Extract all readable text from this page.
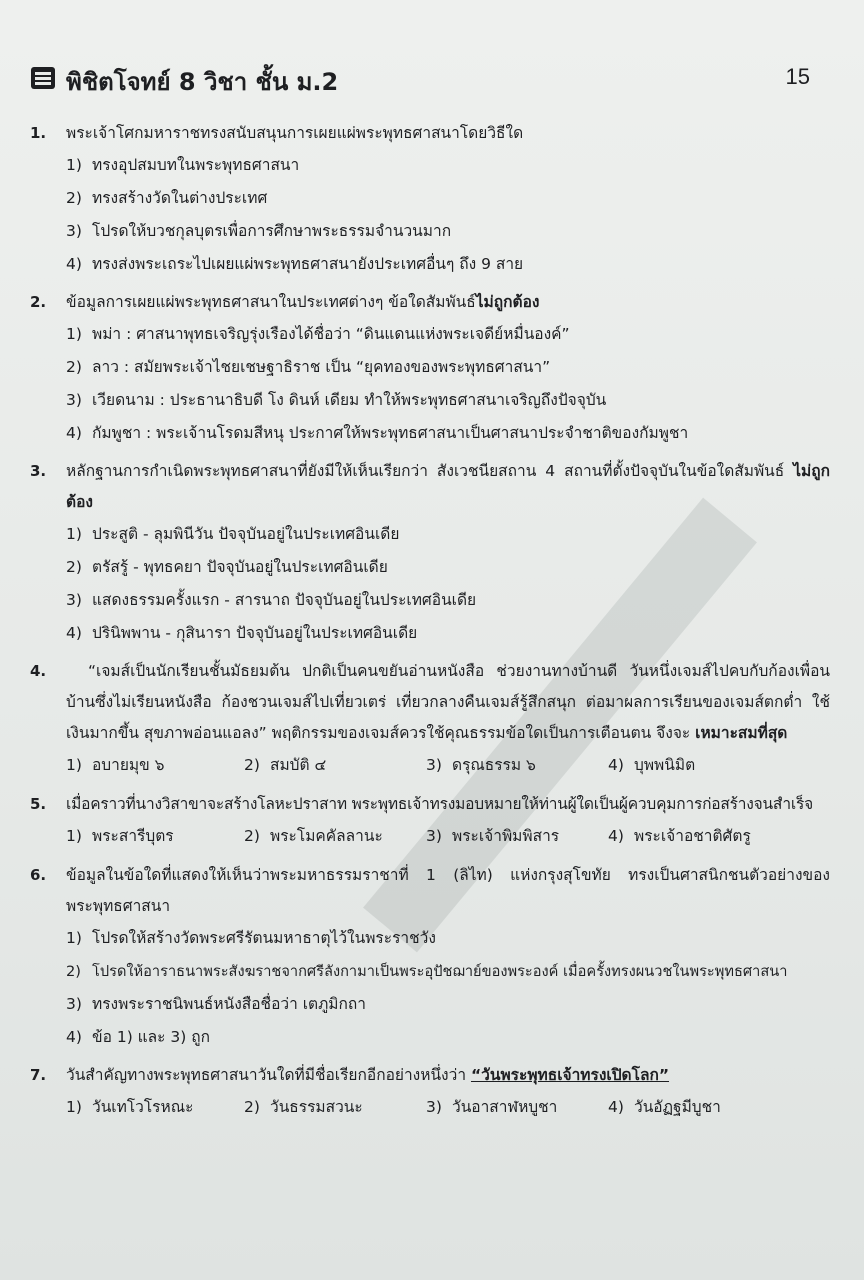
พิชิตโจทย์ 8 วิชา ชั้น ม.2	15
1. พระเจ้าโศกมหาราชทรงสนับสนุนการเผยแผ่พระพุทธศาสนาโดยวิธีใด
1) ทรงอุปสมบทในพระพุทธศาสนา
2) ทรงสร้างวัดในต่างประเทศ
3) โปรดให้บวชกุลบุตรเพื่อการศึกษาพระธรรมจำนวนมาก
4) ทรงส่งพระเถระไปเผยแผ่พระพุทธศาสนายังประเทศอื่นๆ ถึง 9 สาย
2. ข้อมูลการเผยแผ่พระพุทธศาสนาในประเทศต่างๆ ข้อใดสัมพันธ์ไม่ถูกต้อง
1) พม่า : ศาสนาพุทธเจริญรุ่งเรืองได้ชื่อว่า “ดินแดนแห่งพระเจดีย์หมื่นองค์”
2) ลาว : สมัยพระเจ้าไชยเชษฐาธิราช เป็น “ยุคทองของพระพุทธศาสนา”
3) เวียดนาม : ประธานาธิบดี โง ดินห์ เดียม ทำให้พระพุทธศาสนาเจริญถึงปัจจุบัน
4) กัมพูชา : พระเจ้านโรดมสีหนุ ประกาศให้พระพุทธศาสนาเป็นศาสนาประจำชาติของกัมพูชา
3. หลักฐานการกำเนิดพระพุทธศาสนาที่ยังมีให้เห็นเรียกว่า สังเวชนียสถาน 4 สถานที่ตั้งปัจจุบันในข้อใดสัมพันธ์ ไม่ถูกต้อง
1) ประสูติ - ลุมพินีวัน ปัจจุบันอยู่ในประเทศอินเดีย
2) ตรัสรู้ - พุทธคยา ปัจจุบันอยู่ในประเทศอินเดีย
3) แสดงธรรมครั้งแรก - สารนาถ ปัจจุบันอยู่ในประเทศอินเดีย
4) ปรินิพพาน - กุสินารา ปัจจุบันอยู่ในประเทศอินเดีย
4.	“เจมส์เป็นนักเรียนชั้นมัธยมต้น ปกติเป็นคนขยันอ่านหนังสือ ช่วยงานทางบ้านดี วันหนึ่งเจมส์ไปคบกับก้องเพื่อนบ้านซึ่งไม่เรียนหนังสือ ก้องชวนเจมส์ไปเที่ยวเตร่ เที่ยวกลางคืนเจมส์รู้สึกสนุก ต่อมาผลการเรียนของเจมส์ตกต่ำ ใช้เงินมากขึ้น สุขภาพอ่อนแอลง” พฤติกรรมของเจมส์ควรใช้คุณธรรมข้อใดเป็นการเตือนตน จึงจะ เหมาะสมที่สุด
1) อบายมุข ๖	2) สมบัติ ๔	3) ดรุณธรรม ๖	4) บุพพนิมิต
5. เมื่อคราวที่นางวิสาขาจะสร้างโลหะปราสาท พระพุทธเจ้าทรงมอบหมายให้ท่านผู้ใดเป็นผู้ควบคุมการก่อสร้างจนสำเร็จ
1) พระสารีบุตร	2) พระโมคคัลลานะ	3) พระเจ้าพิมพิสาร	4) พระเจ้าอชาติศัตรู
6. ข้อมูลในข้อใดที่แสดงให้เห็นว่าพระมหาธรรมราชาที่ 1 (ลิไท) แห่งกรุงสุโขทัย ทรงเป็นศาสนิกชนตัวอย่างของพระพุทธศาสนา
1) โปรดให้สร้างวัดพระศรีรัตนมหาธาตุไว้ในพระราชวัง
2) โปรดให้อาราธนาพระสังฆราชจากศรีลังกามาเป็นพระอุปัชฌาย์ของพระองค์ เมื่อครั้งทรงผนวชในพระพุทธศาสนา
3) ทรงพระราชนิพนธ์หนังสือชื่อว่า เตภูมิกถา
4) ข้อ 1) และ 3) ถูก
7. วันสำคัญทางพระพุทธศาสนาวันใดที่มีชื่อเรียกอีกอย่างหนึ่งว่า “วันพระพุทธเจ้าทรงเปิดโลก”
1) วันเทโวโรหณะ	2) วันธรรมสวนะ	3) วันอาสาฬหบูชา	4) วันอัฏฐมีบูชา
